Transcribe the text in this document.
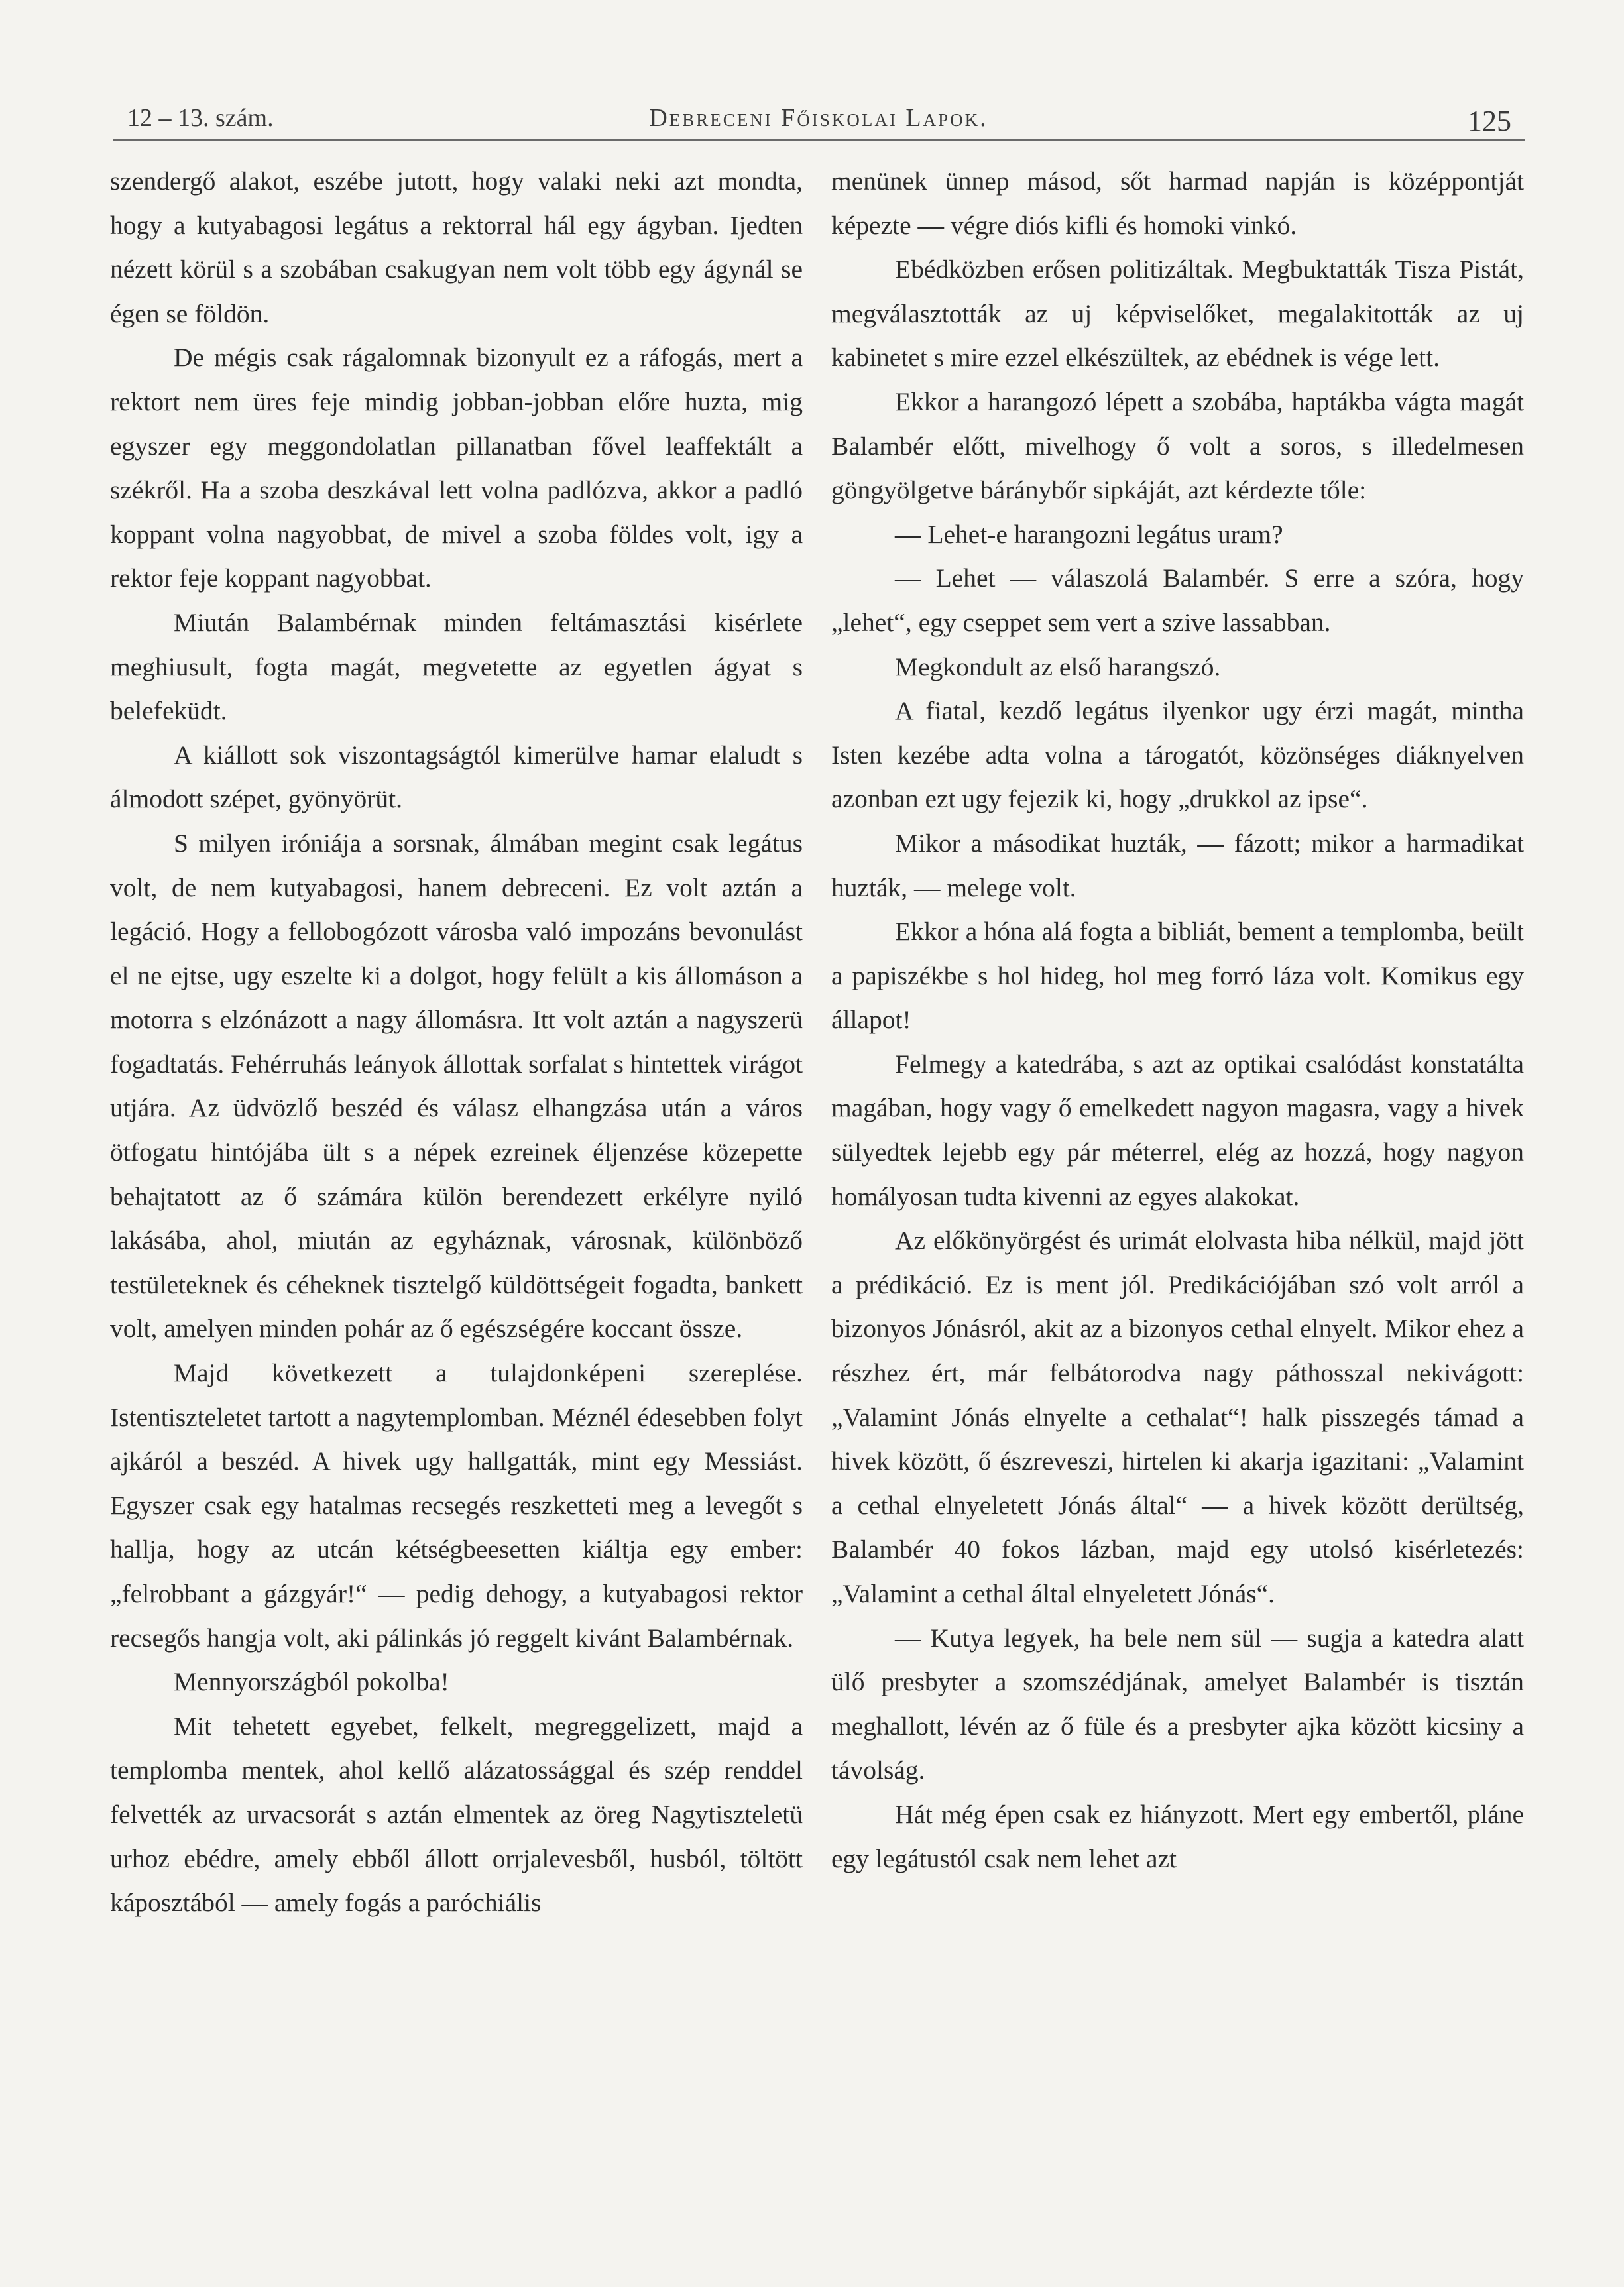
12 – 13. szám.	Debreceni Főiskolai Lapok.	125

szendergő alakot, eszébe jutott, hogy valaki neki azt mondta, hogy a kutyabagosi legátus a rektorral hál egy ágyban. Ijedten nézett körül s a szobában csakugyan nem volt több egy ágynál se égen se földön.

De mégis csak rágalomnak bizonyult ez a ráfogás, mert a rektort nem üres feje mindig jobban-jobban előre huzta, mig egyszer egy meggondolatlan pillanatban fővel leaffektált a székről. Ha a szoba deszkával lett volna padlózva, akkor a padló koppant volna nagyobbat, de mivel a szoba földes volt, igy a rektor feje koppant nagyobbat.

Miután Balambérnak minden feltámasztási kisérlete meghiusult, fogta magát, megvetette az egyetlen ágyat s belefeküdt.

A kiállott sok viszontagságtól kimerülve hamar elaludt s álmodott szépet, gyönyörüt.

S milyen iróniája a sorsnak, álmában megint csak legátus volt, de nem kutyabagosi, hanem debreceni. Ez volt aztán a legáció. Hogy a fellobogózott városba való impozáns bevonulást el ne ejtse, ugy eszelte ki a dolgot, hogy felült a kis állomáson a motorra s elzónázott a nagy állomásra. Itt volt aztán a nagyszerü fogadtatás. Fehérruhás leányok állottak sorfalat s hintettek virágot utjára. Az üdvözlő beszéd és válasz elhangzása után a város ötfogatu hintójába ült s a népek ezreinek éljenzése közepette behajtatott az ő számára külön berendezett erkélyre nyiló lakásába, ahol, miután az egyháznak, városnak, különböző testületeknek és céheknek tisztelgő küldöttségeit fogadta, bankett volt, amelyen minden pohár az ő egészségére koccant össze.

Majd következett a tulajdonképeni szereplése. Istentiszteletet tartott a nagytemplomban. Méznél édesebben folyt ajkáról a beszéd. A hivek ugy hallgatták, mint egy Messiást. Egyszer csak egy hatalmas recsegés reszketteti meg a levegőt s hallja, hogy az utcán kétségbeesetten kiáltja egy ember: „felrobbant a gázgyár!“ — pedig dehogy, a kutyabagosi rektor recsegős hangja volt, aki pálinkás jó reggelt kivánt Balambérnak.

Mennyországból pokolba!

Mit tehetett egyebet, felkelt, megreggelizett, majd a templomba mentek, ahol kellő alázatossággal és szép renddel felvették az urvacsorát s aztán elmentek az öreg Nagytiszteletü urhoz ebédre, amely ebből állott orrjalevesből, husból, töltött káposztából — amely fogás a paróchiális

menünek ünnep másod, sőt harmad napján is középpontját képezte — végre diós kifli és homoki vinkó.

Ebédközben erősen politizáltak. Megbuktatták Tisza Pistát, megválasztották az uj képviselőket, megalakitották az uj kabinetet s mire ezzel elkészültek, az ebédnek is vége lett.

Ekkor a harangozó lépett a szobába, haptákba vágta magát Balambér előtt, mivelhogy ő volt a soros, s illedelmesen göngyölgetve báránybőr sipkáját, azt kérdezte tőle:

— Lehet-e harangozni legátus uram?

— Lehet — válaszolá Balambér. S erre a szóra, hogy „lehet“, egy cseppet sem vert a szive lassabban.

Megkondult az első harangszó.

A fiatal, kezdő legátus ilyenkor ugy érzi magát, mintha Isten kezébe adta volna a tárogatót, közönséges diáknyelven azonban ezt ugy fejezik ki, hogy „drukkol az ipse“.

Mikor a másodikat huzták, — fázott; mikor a harmadikat huzták, — melege volt.

Ekkor a hóna alá fogta a bibliát, bement a templomba, beült a papiszékbe s hol hideg, hol meg forró láza volt. Komikus egy állapot!

Felmegy a katedrába, s azt az optikai csalódást konstatálta magában, hogy vagy ő emelkedett nagyon magasra, vagy a hivek sülyedtek lejebb egy pár méterrel, elég az hozzá, hogy nagyon homályosan tudta kivenni az egyes alakokat.

Az előkönyörgést és urimát elolvasta hiba nélkül, majd jött a prédikáció. Ez is ment jól. Predikációjában szó volt arról a bizonyos Jónásról, akit az a bizonyos cethal elnyelt. Mikor ehez a részhez ért, már felbátorodva nagy páthosszal nekivágott: „Valamint Jónás elnyelte a cethalat“! halk pisszegés támad a hivek között, ő észreveszi, hirtelen ki akarja igazitani: „Valamint a cethal elnyeletett Jónás által“ — a hivek között derültség, Balambér 40 fokos lázban, majd egy utolsó kisérletezés: „Valamint a cethal által elnyeletett Jónás“.

— Kutya legyek, ha bele nem sül — sugja a katedra alatt ülő presbyter a szomszédjának, amelyet Balambér is tisztán meghallott, lévén az ő füle és a presbyter ajka között kicsiny a távolság.

Hát még épen csak ez hiányzott. Mert egy embertől, pláne egy legátustól csak nem lehet azt
